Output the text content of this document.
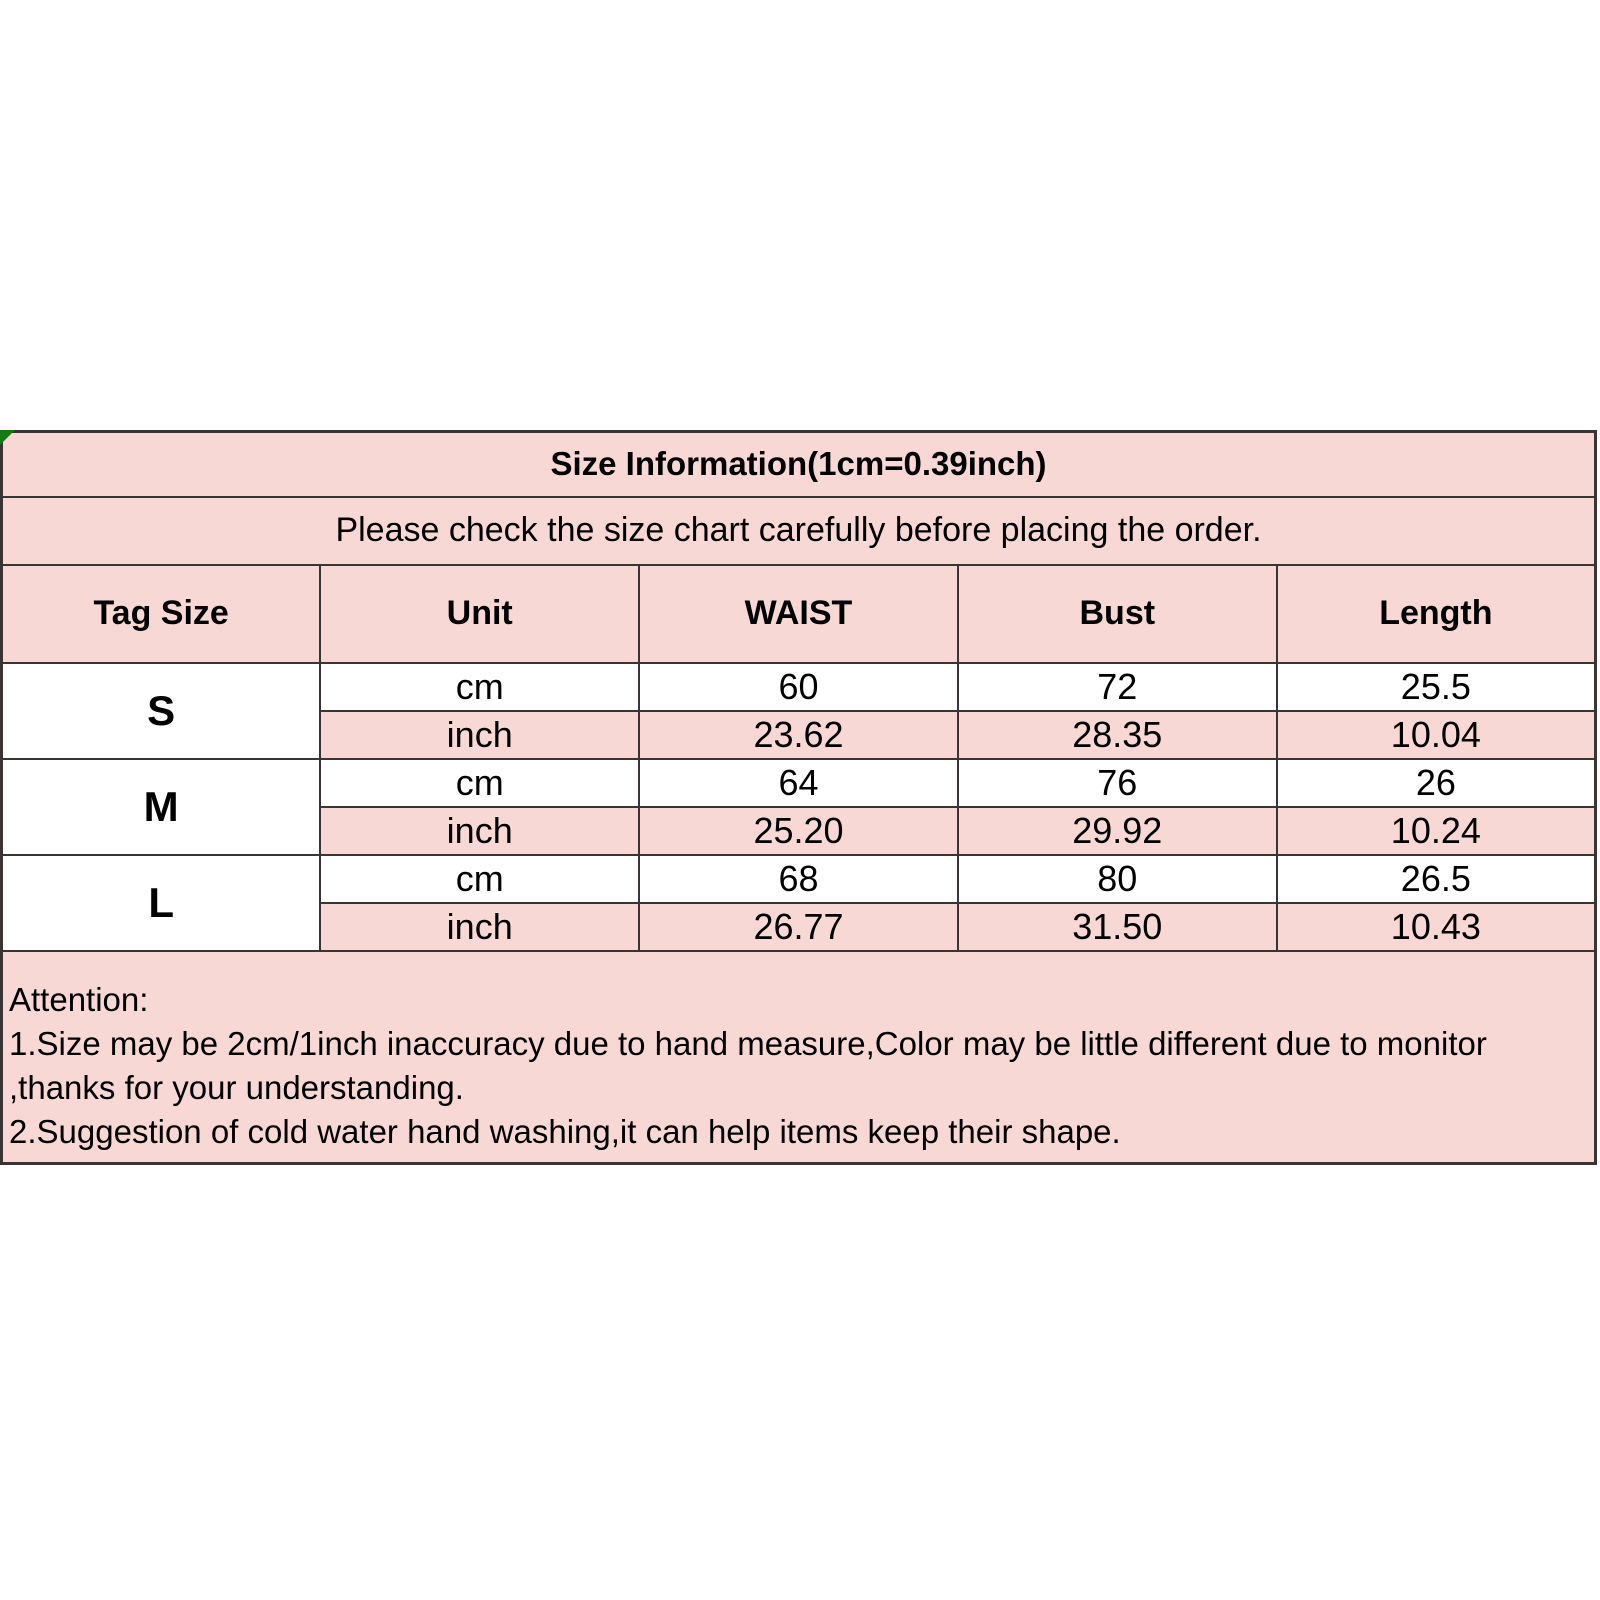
Size Information(1cm=0.39inch)				
Please check the size chart carefully before placing the order.				
Tag Size	Unit	WAIST	Bust	Length
S	cm	60	72	25.5
	inch	23.62	28.35	10.04
M	cm	64	76	26
	inch	25.20	29.92	10.24
L	cm	68	80	26.5
	inch	26.77	31.50	10.43

Attention:
1.Size may be 2cm/1inch inaccuracy due to hand measure,Color may be little different due to monitor
,thanks for your understanding.
2.Suggestion of cold water hand washing,it can help items keep their shape.				
